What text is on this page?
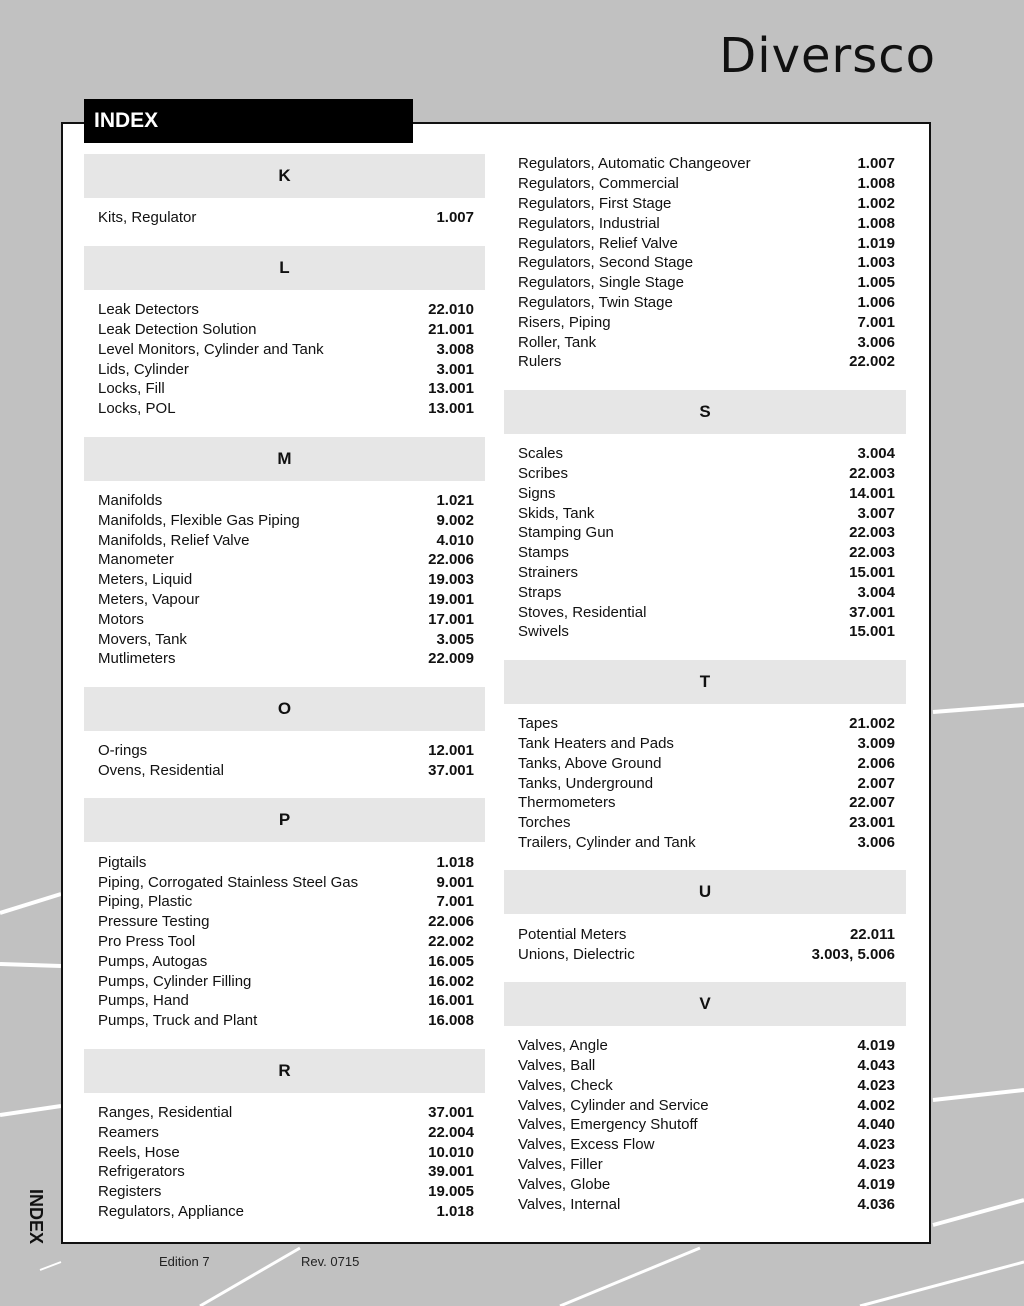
Diversco
INDEX
K
Kits, Regulator	1.007
L
Leak Detectors	22.010
Leak Detection Solution	21.001
Level Monitors, Cylinder and Tank	3.008
Lids, Cylinder	3.001
Locks, Fill	13.001
Locks, POL	13.001
M
Manifolds	1.021
Manifolds, Flexible Gas Piping	9.002
Manifolds, Relief Valve	4.010
Manometer	22.006
Meters, Liquid	19.003
Meters, Vapour	19.001
Motors	17.001
Movers, Tank	3.005
Mutlimeters	22.009
O
O-rings	12.001
Ovens, Residential	37.001
P
Pigtails	1.018
Piping, Corrogated Stainless Steel Gas	9.001
Piping, Plastic	7.001
Pressure Testing	22.006
Pro Press Tool	22.002
Pumps, Autogas	16.005
Pumps, Cylinder Filling	16.002
Pumps, Hand	16.001
Pumps, Truck and Plant	16.008
R
Ranges, Residential	37.001
Reamers	22.004
Reels, Hose	10.010
Refrigerators	39.001
Registers	19.005
Regulators, Appliance	1.018
Regulators, Automatic Changeover	1.007
Regulators, Commercial	1.008
Regulators, First Stage	1.002
Regulators, Industrial	1.008
Regulators, Relief Valve	1.019
Regulators, Second Stage	1.003
Regulators, Single Stage	1.005
Regulators, Twin Stage	1.006
Risers, Piping	7.001
Roller, Tank	3.006
Rulers	22.002
S
Scales	3.004
Scribes	22.003
Signs	14.001
Skids, Tank	3.007
Stamping Gun	22.003
Stamps	22.003
Strainers	15.001
Straps	3.004
Stoves, Residential	37.001
Swivels	15.001
T
Tapes	21.002
Tank Heaters and Pads	3.009
Tanks, Above Ground	2.006
Tanks, Underground	2.007
Thermometers	22.007
Torches	23.001
Trailers, Cylinder and Tank	3.006
U
Potential Meters	22.011
Unions, Dielectric	3.003, 5.006
V
Valves, Angle	4.019
Valves, Ball	4.043
Valves, Check	4.023
Valves, Cylinder and Service	4.002
Valves, Emergency Shutoff	4.040
Valves, Excess Flow	4.023
Valves, Filler	4.023
Valves, Globe	4.019
Valves, Internal	4.036
INDEX
Edition 7	Rev. 0715
